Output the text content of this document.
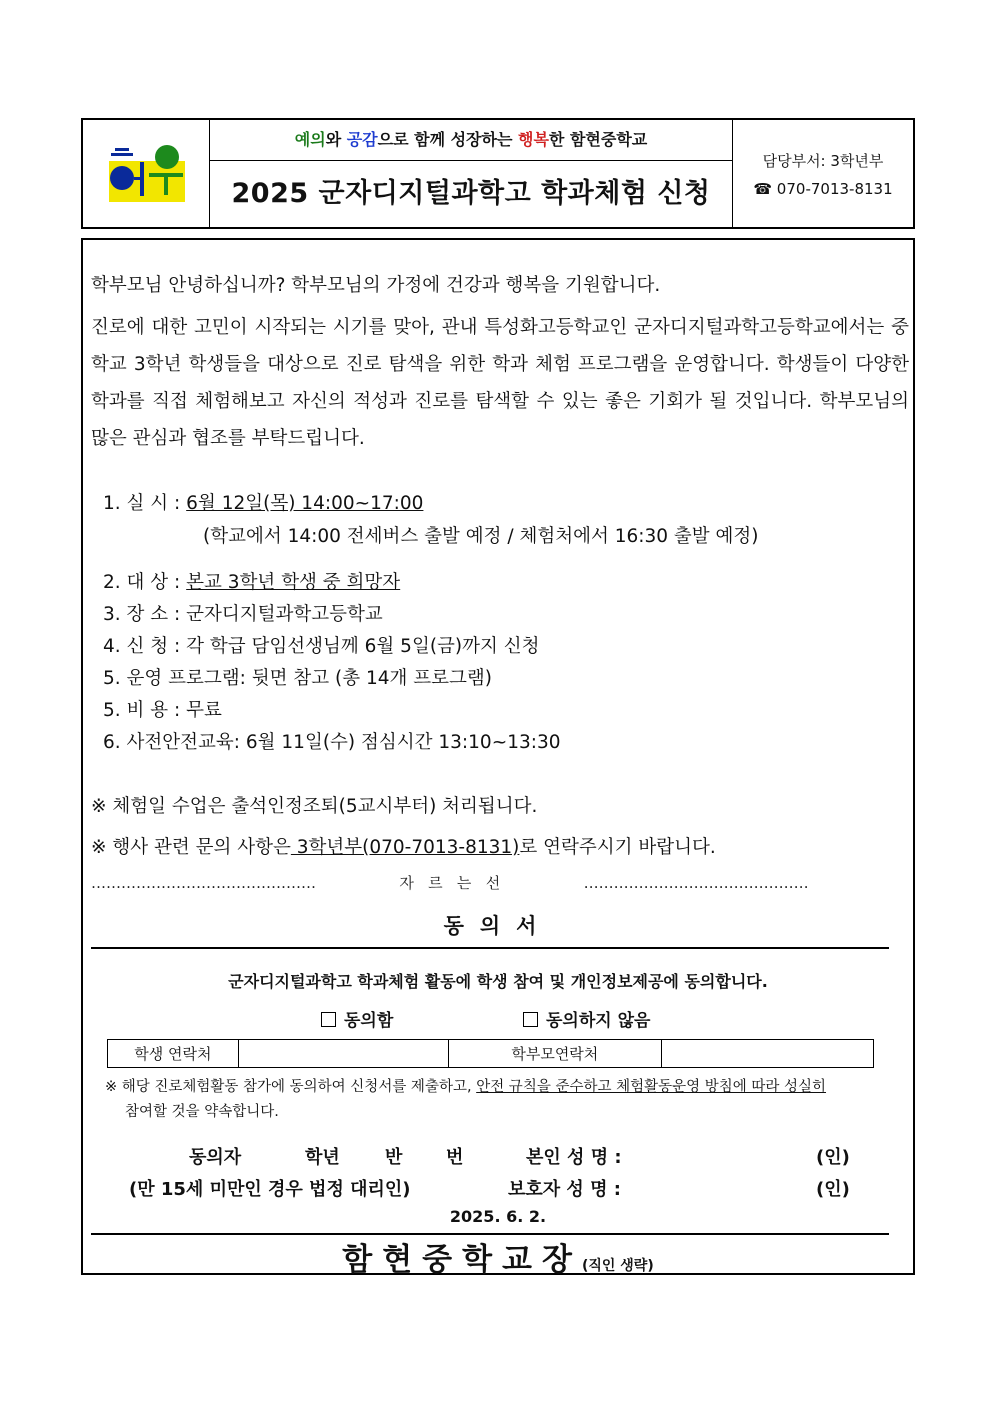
예의와 공감으로 함께 성장하는 행복한 함현중학교
2025 군자디지털과학고 학과체험 신청
담당부서: 3학년부
☎ 070-7013-8131
학부모님 안녕하십니까? 학부모님의 가정에 건강과 행복을 기원합니다.
진로에 대한 고민이 시작되는 시기를 맞아, 관내 특성화고등학교인 군자디지털과학고등학교에서는 중학교 3학년 학생들을 대상으로 진로 탐색을 위한 학과 체험 프로그램을 운영합니다. 학생들이 다양한 학과를 직접 체험해보고 자신의 적성과 진로를 탐색할 수 있는 좋은 기회가 될 것입니다. 학부모님의 많은 관심과 협조를 부탁드립니다.
1. 실 시 : 6월 12일(목) 14:00~17:00
(학교에서 14:00 전세버스 출발 예정 / 체험처에서 16:30 출발 예정)
2. 대 상 : 본교 3학년 학생 중 희망자
3. 장 소 : 군자디지털과학고등학교
4. 신 청 : 각 학급 담임선생님께 6월 5일(금)까지 신청
5. 운영 프로그램: 뒷면 참고 (총 14개 프로그램)
5. 비 용 : 무료
6. 사전안전교육: 6월 11일(수) 점심시간 13:10~13:30
※ 체험일 수업은 출석인정조퇴(5교시부터) 처리됩니다.
※ 행사 관련 문의 사항은 3학년부(070-7013-8131)로 연락주시기 바랍니다.
………………………………………	자   르   는   선	………………………………………
동의서
군자디지털과학고 학과체험 활동에 학생 참여 및 개인정보제공에 동의합니다.
동의함	동의하지 않음
학생 연락처		학부모연락처	
※ 해당 진로체험활동 참가에 동의하여 신청서를 제출하고, 안전 규칙을 준수하고 체험활동운영 방침에 따라 성실히
참여할 것을 약속합니다.
동의자	학년	반 번	본인 성 명 :	(인)
(만 15세 미만인 경우 법정 대리인)	보호자 성 명 :	(인)
2025. 6. 2.
함현중학교장(직인 생략)
